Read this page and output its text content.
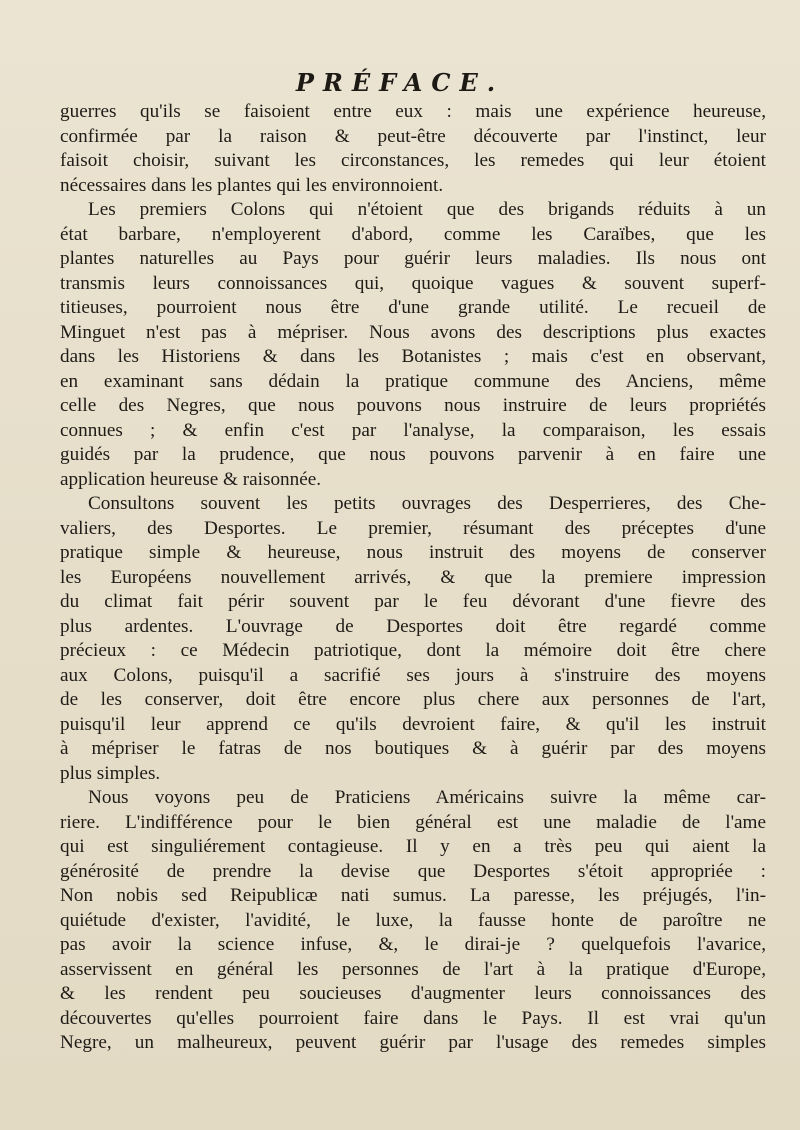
PRÉFACE.
guerres qu'ils se faisoient entre eux : mais une expérience heureuse,
confirmée par la raison & peut-être découverte par l'instinct, leur
faisoit choisir, suivant les circonstances, les remedes qui leur étoient
nécessaires dans les plantes qui les environnoient.
Les premiers Colons qui n'étoient que des brigands réduits à un
état barbare, n'employerent d'abord, comme les Caraïbes, que les
plantes naturelles au Pays pour guérir leurs maladies. Ils nous ont
transmis leurs connoissances qui, quoique vagues & souvent superf-
titieuses, pourroient nous être d'une grande utilité. Le recueil de
Minguet n'est pas à mépriser. Nous avons des descriptions plus exactes
dans les Historiens & dans les Botanistes ; mais c'est en observant,
en examinant sans dédain la pratique commune des Anciens, même
celle des Negres, que nous pouvons nous instruire de leurs propriétés
connues ; & enfin c'est par l'analyse, la comparaison, les essais
guidés par la prudence, que nous pouvons parvenir à en faire une
application heureuse & raisonnée.
Consultons souvent les petits ouvrages des Desperrieres, des Che-
valiers, des Desportes. Le premier, résumant des préceptes d'une
pratique simple & heureuse, nous instruit des moyens de conserver
les Européens nouvellement arrivés, & que la premiere impression
du climat fait périr souvent par le feu dévorant d'une fievre des
plus ardentes. L'ouvrage de Desportes doit être regardé comme
précieux : ce Médecin patriotique, dont la mémoire doit être chere
aux Colons, puisqu'il a sacrifié ses jours à s'instruire des moyens
de les conserver, doit être encore plus chere aux personnes de l'art,
puisqu'il leur apprend ce qu'ils devroient faire, & qu'il les instruit
à mépriser le fatras de nos boutiques & à guérir par des moyens
plus simples.
Nous voyons peu de Praticiens Américains suivre la même car-
riere. L'indifférence pour le bien général est une maladie de l'ame
qui est singuliérement contagieuse. Il y en a très peu qui aient la
générosité de prendre la devise que Desportes s'étoit appropriée :
Non nobis sed Reipublicæ nati sumus. La paresse, les préjugés, l'in-
quiétude d'exister, l'avidité, le luxe, la fausse honte de paroître ne
pas avoir la science infuse, &, le dirai-je ? quelquefois l'avarice,
asservissent en général les personnes de l'art à la pratique d'Europe,
& les rendent peu soucieuses d'augmenter leurs connoissances des
découvertes qu'elles pourroient faire dans le Pays. Il est vrai qu'un
Negre, un malheureux, peuvent guérir par l'usage des remedes simples
